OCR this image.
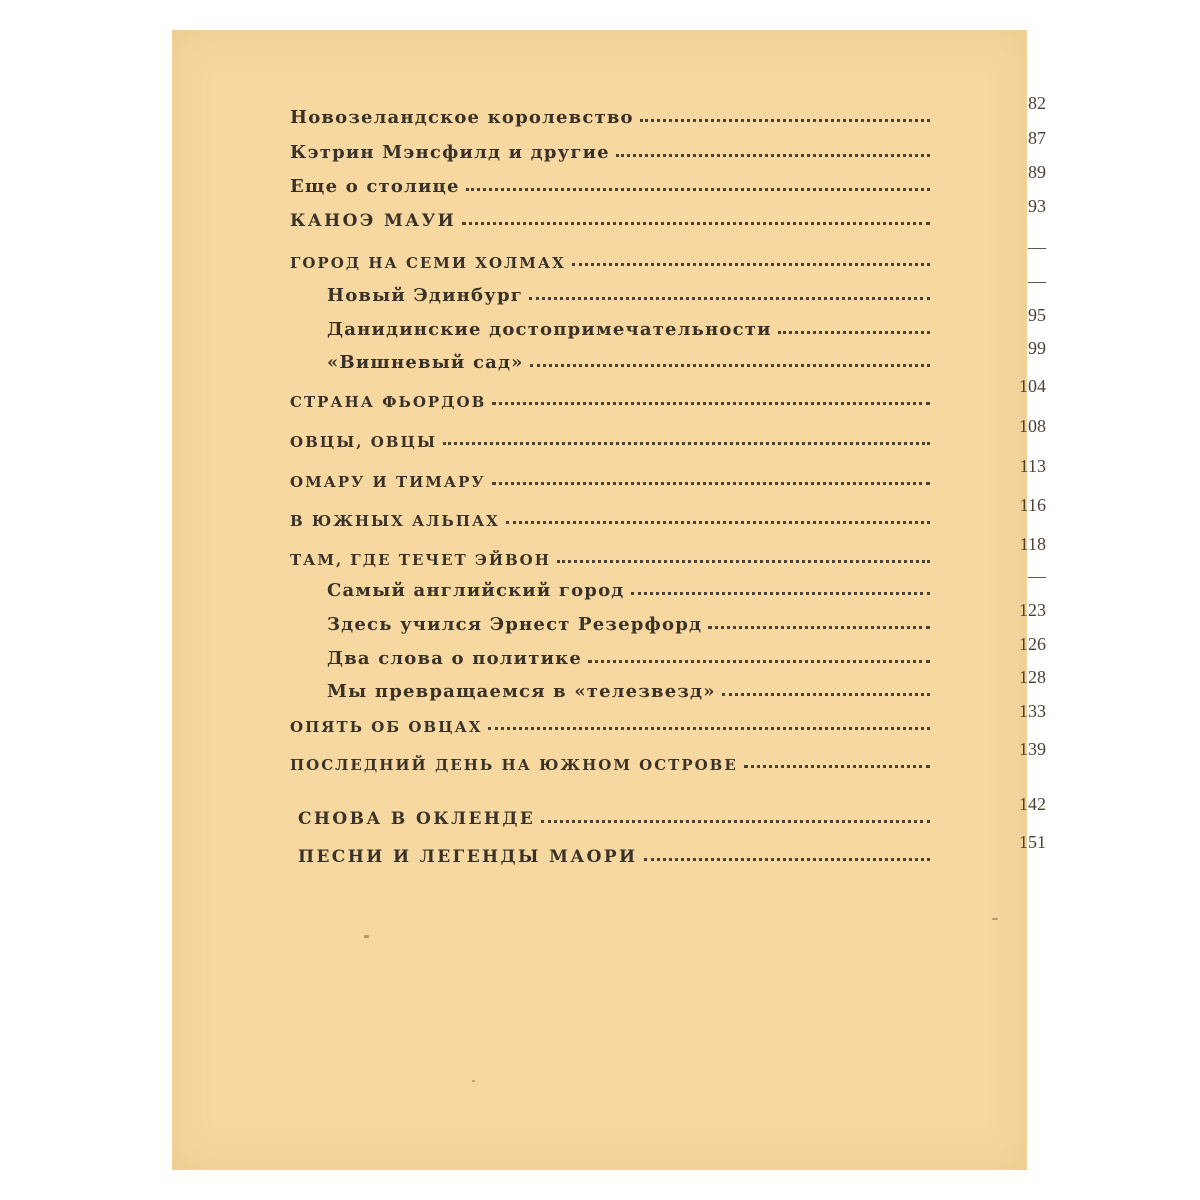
Новозеландское королевство
82
Кэтрин Мэнсфилд и другие
87
Еще о столице
89
КАНОЭ МАУИ
93
ГОРОД НА СЕМИ ХОЛМАХ
—
Новый Эдинбург
—
Данидинские достопримечательности
95
«Вишневый сад»
99
СТРАНА ФЬОРДОВ
104
ОВЦЫ, ОВЦЫ
108
ОМАРУ И ТИМАРУ
113
В ЮЖНЫХ АЛЬПАХ
116
ТАМ, ГДЕ ТЕЧЕТ ЭЙВОН
118
Самый английский город
—
Здесь учился Эрнест Резерфорд
123
Два слова о политике
126
Мы превращаемся в «телезвезд»
128
ОПЯТЬ ОБ ОВЦАХ
133
ПОСЛЕДНИЙ ДЕНЬ НА ЮЖНОМ ОСТРОВЕ
139
СНОВА В ОКЛЕНДЕ
142
ПЕСНИ И ЛЕГЕНДЫ МАОРИ
151
